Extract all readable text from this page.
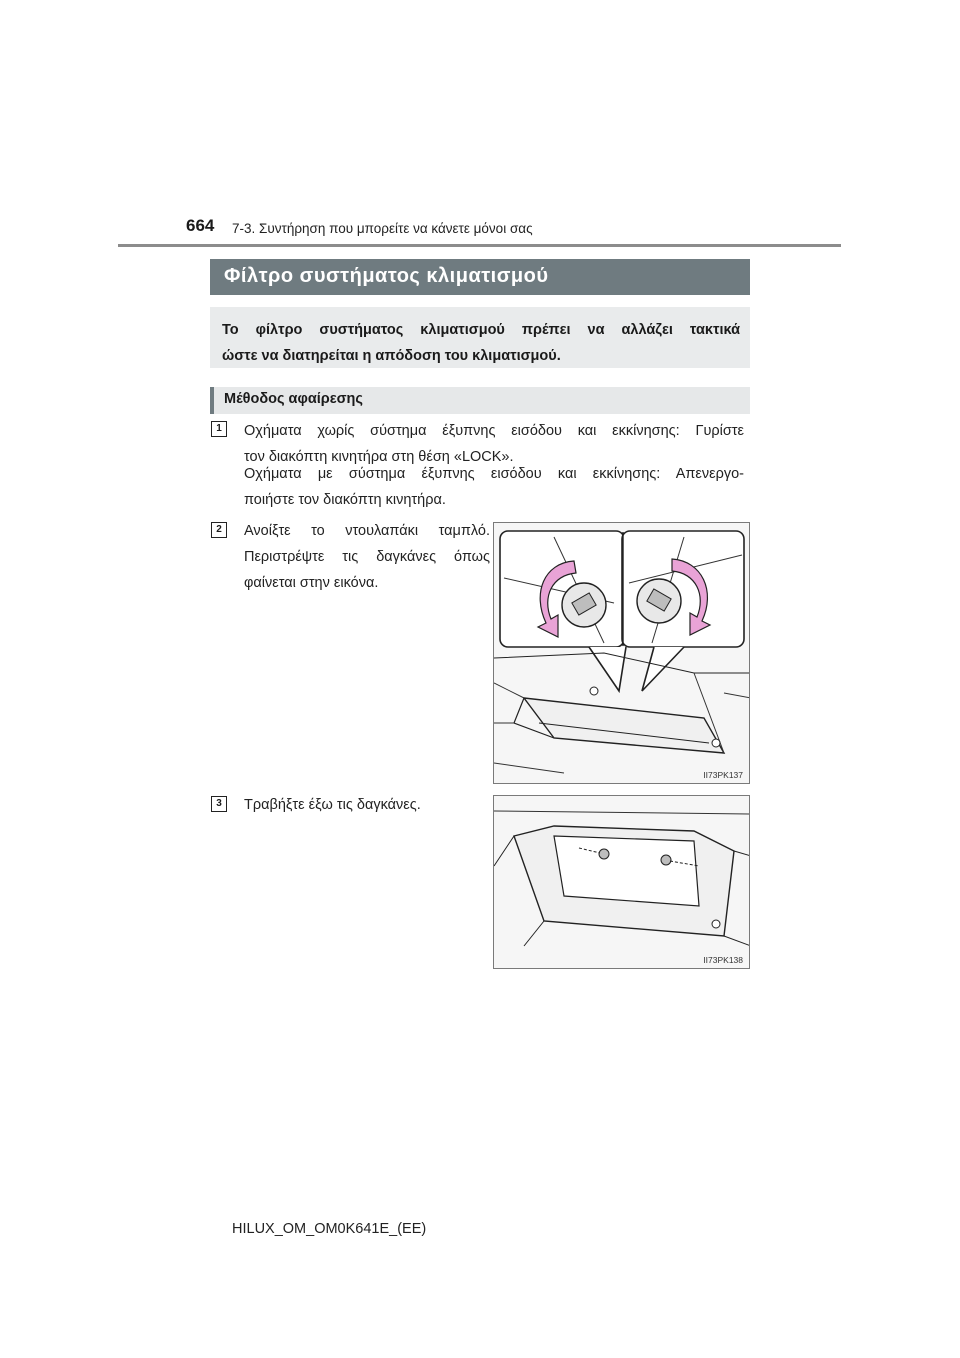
664 7-3. Συντήρηση που μπορείτε να κάνετε μόνοι σας
Φίλτρο συστήματος κλιματισμού
Το φίλτρο συστήματος κλιματισμού πρέπει να αλλάζει τακτικά
ώστε να διατηρείται η απόδοση του κλιματισμού.
Μέθοδος αφαίρεσης
1	Οχήματα χωρίς σύστημα έξυπνης εισόδου και εκκίνησης: Γυρίστε
τον διακόπτη κινητήρα στη θέση «LOCK».
Οχήματα με σύστημα έξυπνης εισόδου και εκκίνησης: Απενεργο-
ποιήστε τον διακόπτη κινητήρα.
2	Ανοίξτε το ντουλαπάκι ταμπλό.
Περιστρέψτε τις δαγκάνες όπως
φαίνεται στην εικόνα.
II73PK137
3	Τραβήξτε έξω τις δαγκάνες.
II73PK138
HILUX_OM_OM0K641E_(EE)
